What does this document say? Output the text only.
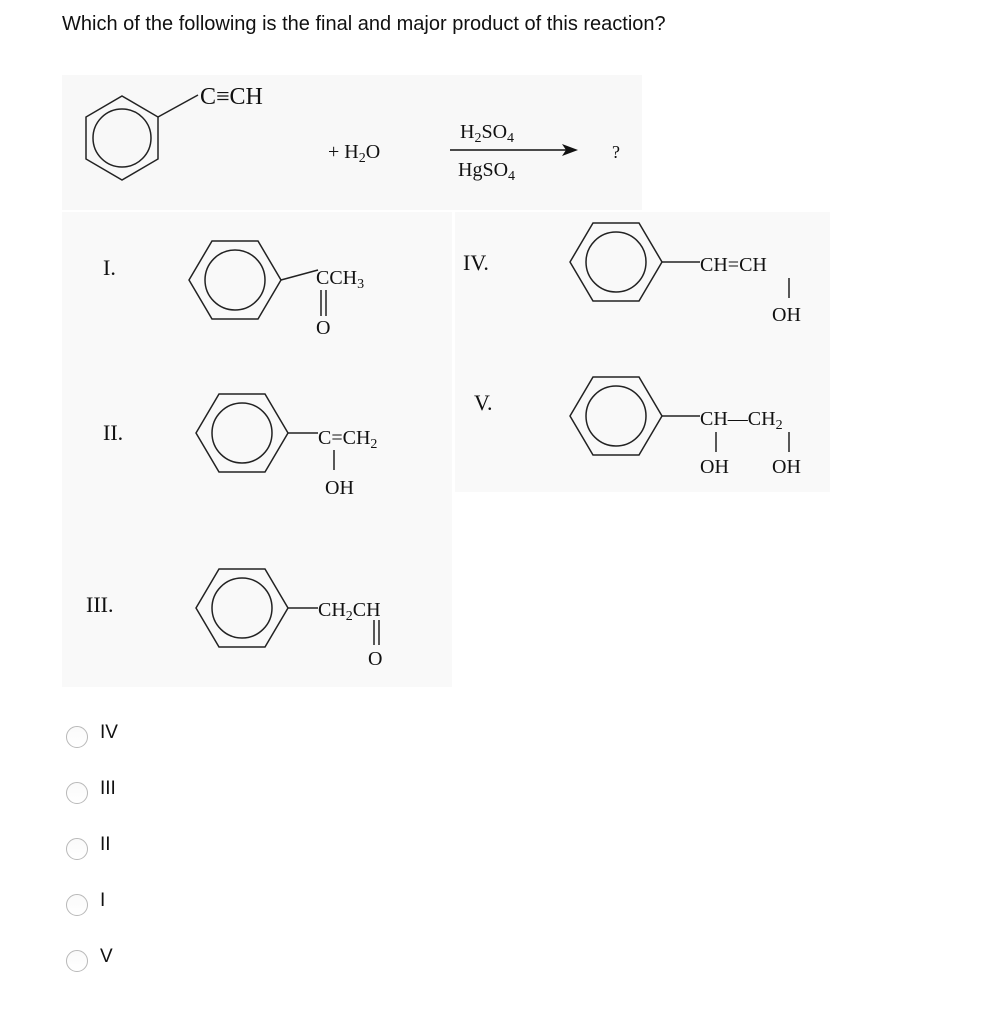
Which of the following is the final and major product of this reaction?
C≡CH
+ $H_2O$
$H_2SO_4$
HgSO$_4$
?
I.	$CCH_3$
O
II.	$C=CH_2$
OH
III.	$CH_2CH$
O
IV.	CH=CH
OH
V.
$CH—CH_2$
OH OH
IV
III
II
I
V
